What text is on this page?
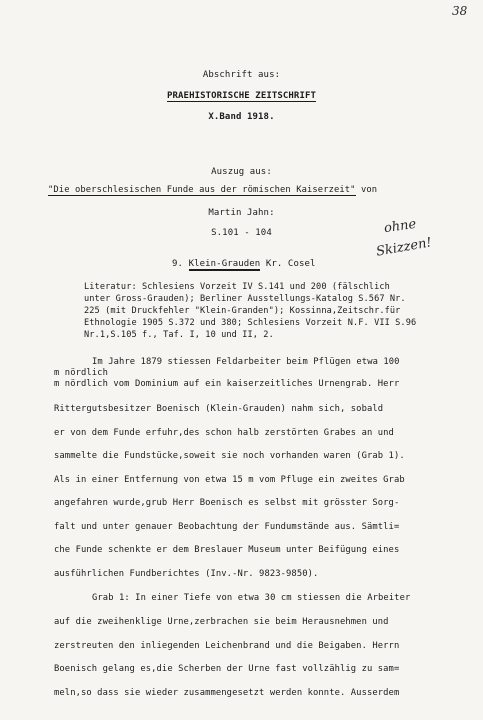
38
Abschrift aus:
PRAEHISTORISCHE ZEITSCHRIFT
X.Band 1918.
Auszug aus:
"Die oberschlesischen Funde aus der römischen Kaiserzeit" von
Martin Jahn:
S.101 - 104	ohne
Skizzen!
9. Klein-Grauden Kr. Cosel
Literatur: Schlesiens Vorzeit IV S.141 und 200 (fälschlich
unter Gross-Grauden); Berliner Ausstellungs-Katalog S.567 Nr.
225 (mit Druckfehler "Klein-Granden"); Kossinna,Zeitschr.für
Ethnologie 1905 S.372 und 380; Schlesiens Vorzeit N.F. VII S.96
Nr.1,S.105 f., Taf. I, 10 und II, 2.
Im Jahre 1879 stiessen Feldarbeiter beim Pflügen etwa 100
m nördlich
m nördlich vom Dominium auf ein kaiserzeitliches Urnengrab. Herr
Rittergutsbesitzer Boenisch (Klein-Grauden) nahm sich, sobald
er von dem Funde erfuhr,des schon halb zerstörten Grabes an und
sammelte die Fundstücke,soweit sie noch vorhanden waren (Grab 1).
Als in einer Entfernung von etwa 15 m vom Pfluge ein zweites Grab
angefahren wurde,grub Herr Boenisch es selbst mit grösster Sorg-
falt und unter genauer Beobachtung der Fundumstände aus. Sämtli=
che Funde schenkte er dem Breslauer Museum unter Beifügung eines
ausführlichen Fundberichtes (Inv.-Nr. 9823-9850).
Grab 1: In einer Tiefe von etwa 30 cm stiessen die Arbeiter
auf die zweihenklige Urne,zerbrachen sie beim Herausnehmen und
zerstreuten den inliegenden Leichenbrand und die Beigaben. Herrn
Boenisch gelang es,die Scherben der Urne fast vollzählig zu sam=
meln,so dass sie wieder zusammengesetzt werden konnte. Ausserdem
